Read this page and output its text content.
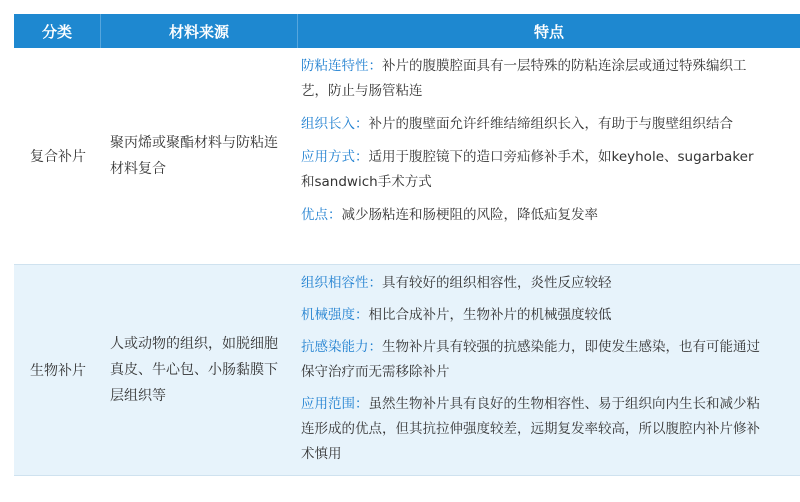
分类	材料来源	特点
复合补片
聚丙烯或聚酯材料与防粘连材料复合

防粘连特性：补片的腹膜腔面具有一层特殊的防粘连涂层或通过特殊编织工艺，防止与肠管粘连

组织长入：补片的腹壁面允许纤维结缔组织长入，有助于与腹壁组织结合

应用方式：适用于腹腔镜下的造口旁疝修补手术，如keyhole、sugarbaker和sandwich手术方式

优点：减少肠粘连和肠梗阻的风险，降低疝复发率

生物补片
人或动物的组织，如脱细胞真皮、牛心包、小肠黏膜下层组织等

组织相容性：具有较好的组织相容性，炎性反应较轻

机械强度：相比合成补片，生物补片的机械强度较低

抗感染能力：生物补片具有较强的抗感染能力，即使发生感染，也有可能通过保守治疗而无需移除补片

应用范围：虽然生物补片具有良好的生物相容性、易于组织向内生长和减少粘连形成的优点，但其抗拉伸强度较差，远期复发率较高，所以腹腔内补片修补术慎用
